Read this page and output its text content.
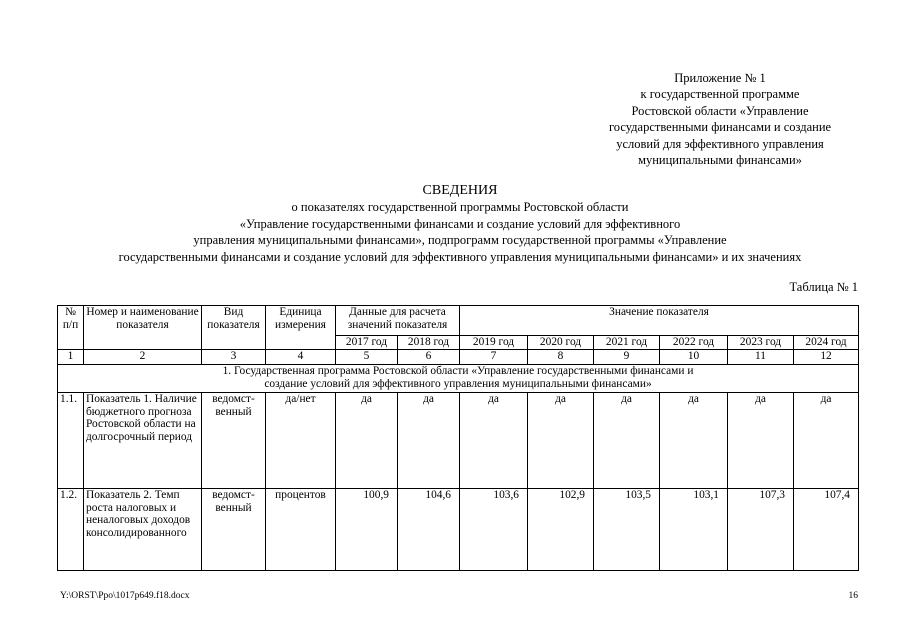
Приложение № 1
к государственной программе
Ростовской области «Управление
государственными финансами и создание
условий для эффективного управления
муниципальными финансами»
СВЕДЕНИЯ
о показателях государственной программы Ростовской области
«Управление государственными финансами и создание условий для эффективного
управления муниципальными финансами», подпрограмм государственной программы «Управление
государственными финансами и создание условий для эффективного управления муниципальными финансами» и их значениях
Таблица № 1
№ п/п	Номер и наименование показателя	Вид показателя	Единица измерения	Данные для расчета значений показателя		Значение показателя					

				2017 год	2018 год	2019 год	2020 год	2021 год	2022 год	2023 год	2024 год
1	2	3	4	5	6	7	8	9	10	11	12
1. Государственная программа Ростовской области «Управление государственными финансами и создание условий для эффективного управления муниципальными финансами»											
1.1.	Показатель 1. Наличие бюджетного прогноза Ростовской области на долгосрочный период	ведомст-венный	да/нет	да	да	да	да	да	да	да	да
1.2.	Показатель 2. Темп роста налоговых и неналоговых доходов консолидированного	ведомст-венный	процентов	100,9	104,6	103,6	102,9	103,5	103,1	107,3	107,4
Y:\ORST\Ppo\1017p649.f18.docx	16
